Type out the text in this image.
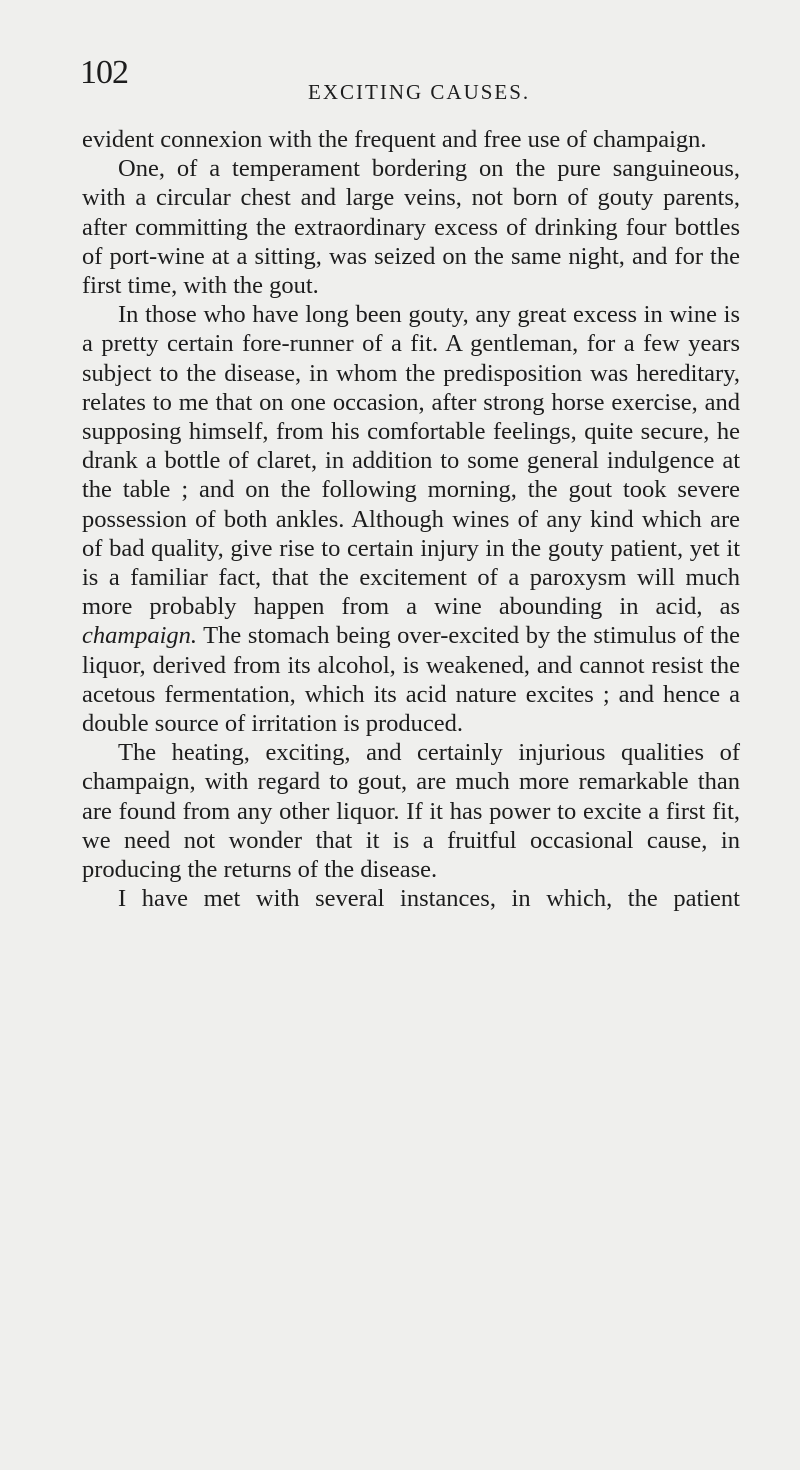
102
EXCITING CAUSES.

evident connexion with the frequent and free use of champaign.

One, of a temperament bordering on the pure sanguineous, with a circular chest and large veins, not born of gouty parents, after committing the extraordinary excess of drinking four bottles of port-wine at a sitting, was seized on the same night, and for the first time, with the gout.

In those who have long been gouty, any great excess in wine is a pretty certain fore-runner of a fit. A gentleman, for a few years subject to the disease, in whom the predisposition was hereditary, relates to me that on one occasion, after strong horse exercise, and supposing himself, from his comfortable feelings, quite secure, he drank a bottle of claret, in addition to some general indulgence at the table ; and on the following morning, the gout took severe possession of both ankles. Although wines of any kind which are of bad quality, give rise to certain injury in the gouty patient, yet it is a familiar fact, that the excitement of a paroxysm will much more probably happen from a wine abounding in acid, as champaign. The stomach being over-excited by the stimulus of the liquor, derived from its alcohol, is weakened, and cannot resist the acetous fermentation, which its acid nature excites ; and hence a double source of irritation is produced.

The heating, exciting, and certainly injurious qualities of champaign, with regard to gout, are much more remarkable than are found from any other liquor. If it has power to excite a first fit, we need not wonder that it is a fruitful occasional cause, in producing the returns of the disease.

I have met with several instances, in which, the patient
